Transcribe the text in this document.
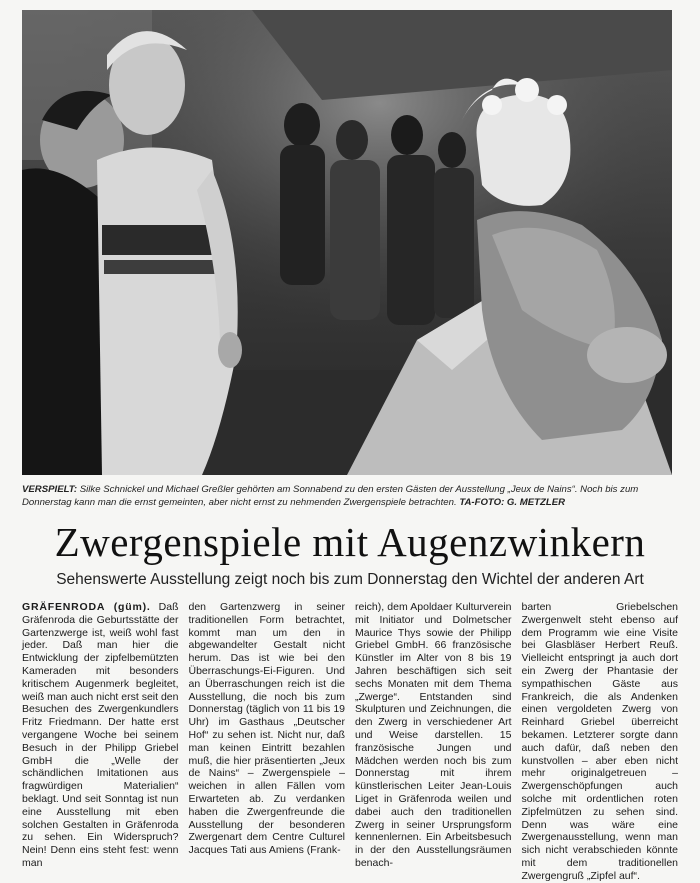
VERSPIELT: Silke Schnickel und Michael Greßler gehörten am Sonnabend zu den ersten Gästen der Ausstellung „Jeux de Nains“. Noch bis zum Donnerstag kann man die ernst gemeinten, aber nicht ernst zu nehmenden Zwergenspiele betrachten. TA-FOTO: G. METZLER
Zwergenspiele mit Augenzwinkern
Sehenswerte Ausstellung zeigt noch bis zum Donnerstag den Wichtel der anderen Art

GRÄFENRODA (güm). Daß Gräfenroda die Geburtsstätte der Gartenzwerge ist, weiß wohl fast jeder. Daß man hier die Entwicklung der zipfelbemützten Kameraden mit besonders kritischem Augenmerk begleitet, weiß man auch nicht erst seit den Besuchen des Zwergenkundlers Fritz Friedmann. Der hatte erst vergangene Woche bei seinem Besuch in der Philipp Griebel GmbH die „Welle der schändlichen Imitationen aus fragwürdigen Materialien“ beklagt. Und seit Sonntag ist nun eine Ausstellung mit eben solchen Gestalten in Gräfenroda zu sehen. Ein Widerspruch? Nein! Denn eins steht fest: wenn man

den Gartenzwerg in seiner traditionellen Form betrachtet, kommt man um den in abgewandelter Gestalt nicht herum. Das ist wie bei den Überraschungs-Ei-Figuren. Und an Überraschungen reich ist die Ausstellung, die noch bis zum Donnerstag (täglich von 11 bis 19 Uhr) im Gasthaus „Deutscher Hof“ zu sehen ist. Nicht nur, daß man keinen Eintritt bezahlen muß, die hier präsentierten „Jeux de Nains“ – Zwergenspiele – weichen in allen Fällen vom Erwarteten ab. Zu verdanken haben die Zwergenfreunde die Ausstellung der besonderen Zwergenart dem Centre Culturel Jacques Tati aus Amiens (Frank-

reich), dem Apoldaer Kulturverein mit Initiator und Dolmetscher Maurice Thys sowie der Philipp Griebel GmbH. 66 französische Künstler im Alter von 8 bis 19 Jahren beschäftigen sich seit sechs Monaten mit dem Thema „Zwerge“. Entstanden sind Skulpturen und Zeichnungen, die den Zwerg in verschiedener Art und Weise darstellen. 15 französische Jungen und Mädchen werden noch bis zum Donnerstag mit ihrem künstlerischen Leiter Jean-Louis Liget in Gräfenroda weilen und dabei auch den traditionellen Zwerg in seiner Ursprungsform kennenlernen. Ein Arbeitsbesuch in der den Ausstellungsräumen benach-

barten Griebelschen Zwergenwelt steht ebenso auf dem Programm wie eine Visite bei Glasbläser Herbert Reuß. Vielleicht entspringt ja auch dort ein Zwerg der Phantasie der sympathischen Gäste aus Frankreich, die als Andenken einen vergoldeten Zwerg von Reinhard Griebel überreicht bekamen. Letzterer sorgte dann auch dafür, daß neben den kunstvollen – aber eben nicht mehr originalgetreuen – Zwergenschöpfungen auch solche mit ordentlichen roten Zipfelmützen zu sehen sind. Denn was wäre eine Zwergenausstellung, wenn man sich nicht verabschieden könnte mit dem traditionellen Zwergengruß „Zipfel auf“.
